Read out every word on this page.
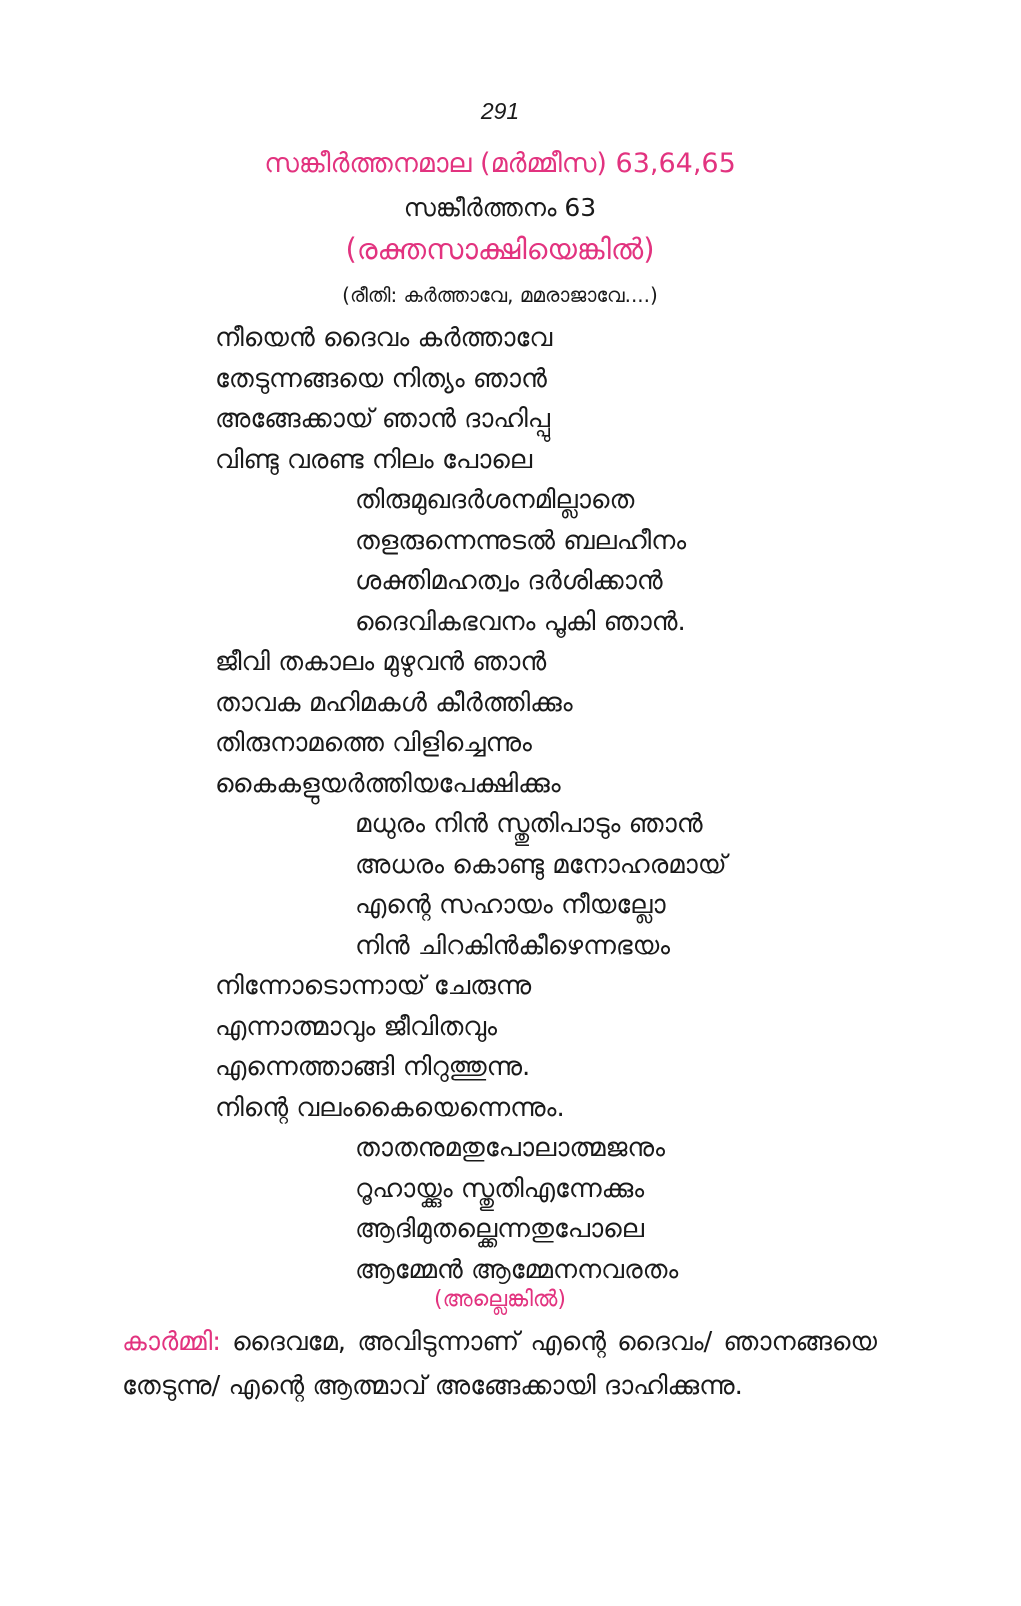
291
സങ്കീർത്തനമാല (മർമ്മീസ) 63,64,65
സങ്കീർത്തനം 63
(രക്തസാക്ഷിയെങ്കിൽ)
(രീതി: കർത്താവേ, മമരാജാവേ....)
നീയെൻ ദൈവം കർത്താവേ
തേടുന്നങ്ങയെ നിത്യം ഞാൻ
അങ്ങേക്കായ് ഞാൻ ദാഹിപ്പു
വിണ്ടു വരണ്ട നിലം പോലെ
തിരുമുഖദർശനമില്ലാതെ
തളരുന്നെന്നുടൽ ബലഹീനം
ശക്തിമഹത്വം ദർശിക്കാൻ
ദൈവികഭവനം പൂകി ഞാൻ.
ജീവി തകാലം മുഴുവൻ ഞാൻ
താവക മഹിമകൾ കീർത്തിക്കും
തിരുനാമത്തെ വിളിച്ചെന്നും
കൈകളുയർത്തിയപേക്ഷിക്കും
മധുരം നിൻ സ്തുതിപാടും ഞാൻ
അധരം കൊണ്ടു മനോഹരമായ്
എന്റെ സഹായം നീയല്ലോ
നിൻ ചിറകിൻകീഴെന്നഭയം
നിന്നോടൊന്നായ് ചേരുന്നു
എന്നാത്മാവും ജീവിതവും
എന്നെത്താങ്ങി നിറുത്തുന്നു.
നിന്റെ വലംകൈയെന്നെന്നും.
താതനുമതുപോലാത്മജനും
റൂഹായ്ക്കും സ്തുതിഎന്നേക്കും
ആദിമുതല്ക്കെന്നതുപോലെ
ആമ്മേൻ ആമ്മേനനവരതം
(അല്ലെങ്കിൽ)
കാർമ്മി: ദൈവമേ, അവിടുന്നാണ് എന്റെ ദൈവം/ ഞാനങ്ങയെ തേടുന്നു/ എന്റെ ആത്മാവ് അങ്ങേക്കായി ദാഹിക്കുന്നു.
